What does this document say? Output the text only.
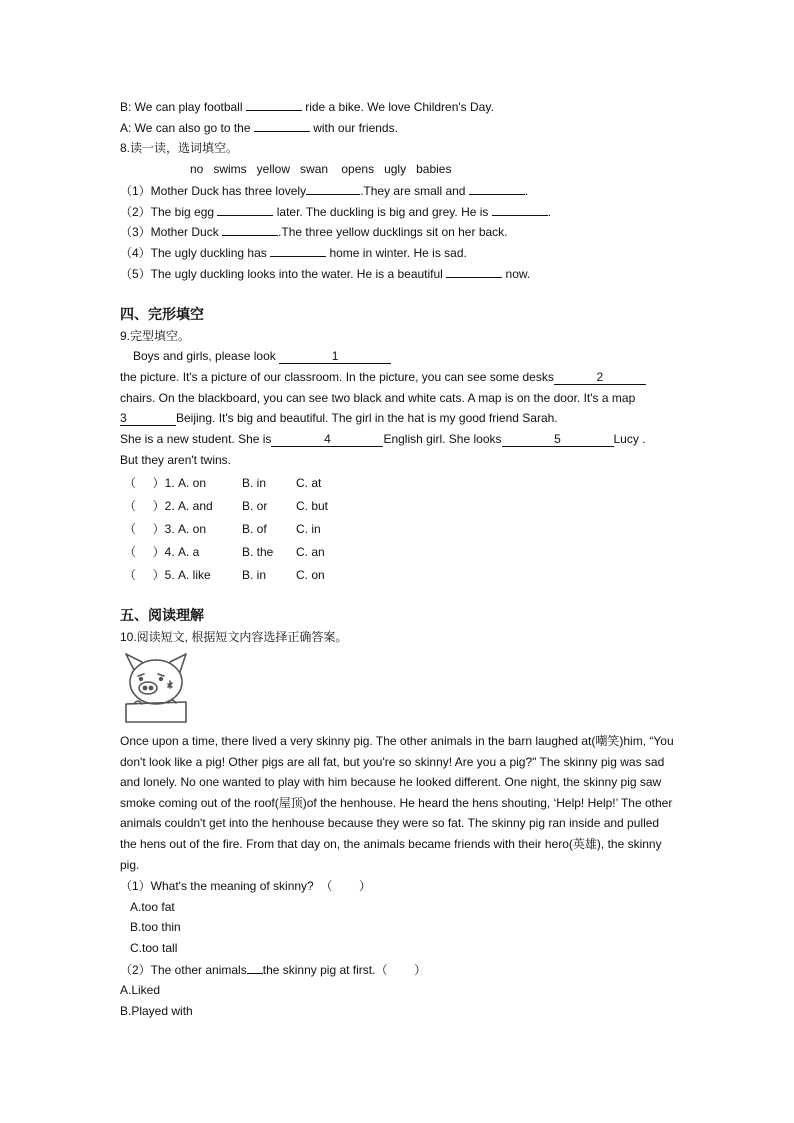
B: We can play football	ride a bike. We love Children's Day.
A: We can also go to the	with our friends.
8.读一读，选词填空。
no   swims   yellow   swan    opens   ugly   babies
（1）Mother Duck has three lovely	.They are small and	.
（2）The big egg	later. The duckling is big and grey. He is	.
（3）Mother Duck	.The three yellow ducklings sit on her back.
（4）The ugly duckling has	home in winter. He is sad.
（5）The ugly duckling looks into the water. He is a beautiful	now.
四、完形填空
9.完型填空。
Boys and girls, please look	1
the picture. It's a picture of our classroom. In the picture, you can see some desks	2
chairs. On the blackboard, you can see two black and white cats. A map is on the door. It's a map
3	Beijing. It's big and beautiful. The girl in the hat is my good friend Sarah.
She is a new student. She is	4	English girl. She looks	5	Lucy .
But they aren't twins.
（     ）1. A. on	B. in	C. at
（     ）2. A. and	B. or	C. but
（     ）3. A. on	B. of	C. in
（     ）4. A. a	B. the	C. an
（     ）5. A. like	B. in	C. on
五、阅读理解
10.阅读短文, 根据短文内容选择正确答案。
Once upon a time, there lived a very skinny pig. The other animals in the barn laughed at(嘲笑)him, “You don't look like a pig! Other pigs are all fat, but you're so skinny! Are you a pig?" The skinny pig was sad and lonely. No one wanted to play with him because he looked different. One night, the skinny pig saw smoke coming out of the roof(屋顶)of the henhouse. He heard the hens shouting, ‘Help! Help!’ The other animals couldn't get into the henhouse because they were so fat. The skinny pig ran inside and pulled the hens out of the fire. From that day on, the animals became friends with their hero(英雄), the skinny pig.
（1）What's the meaning of skinny?  （        ）
A.too fat
B.too thin
C.too tall
（2）The other animals the skinny pig at first.（        ）
A.Liked
B.Played with
